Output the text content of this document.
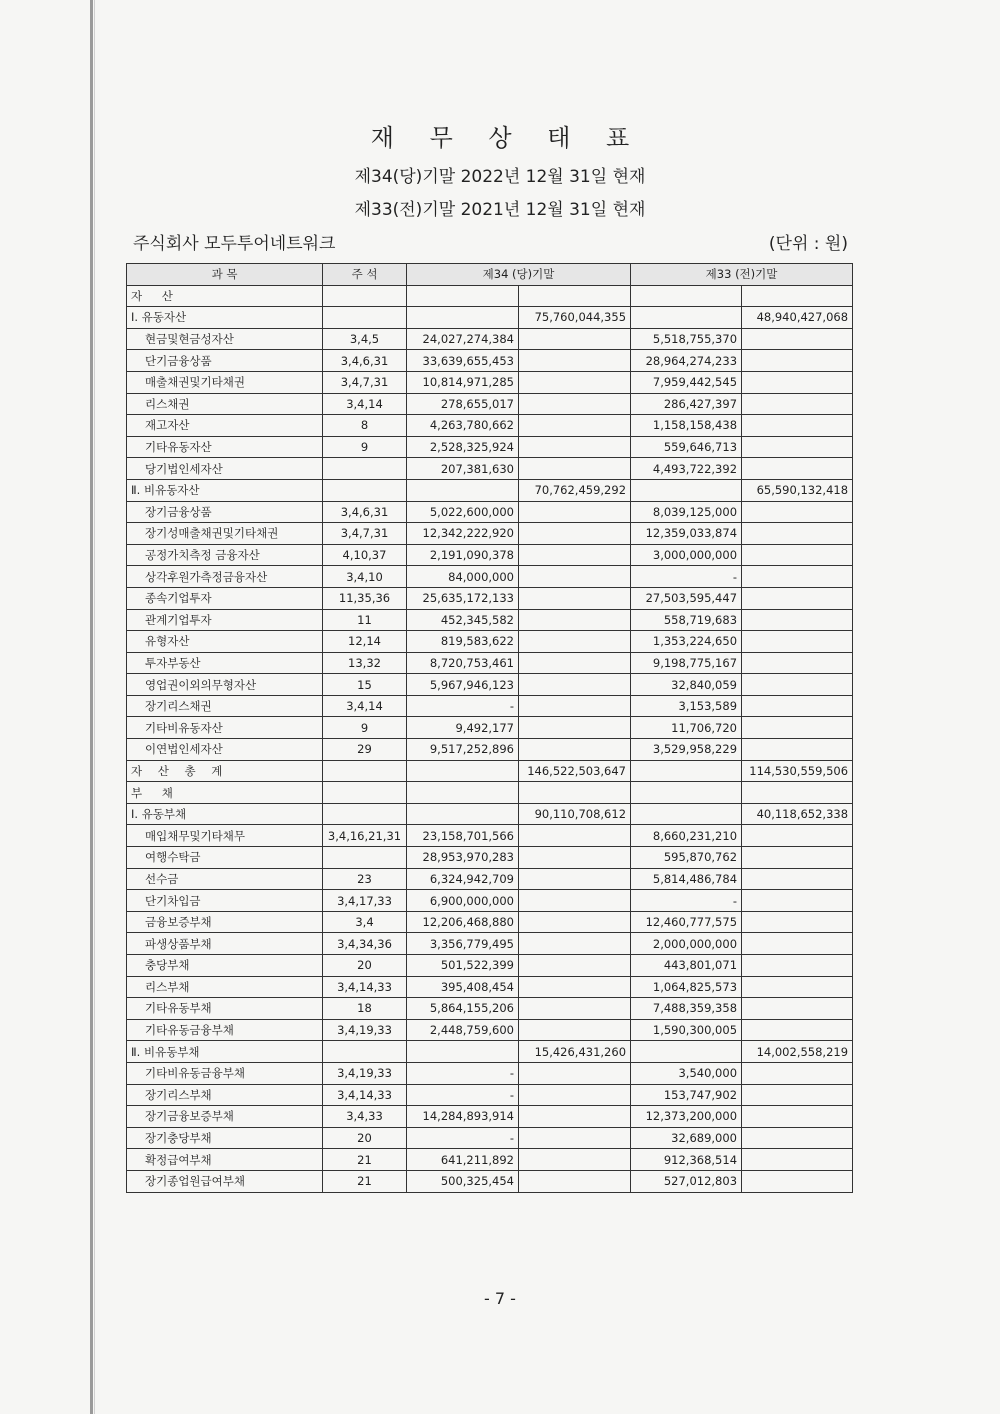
재 무 상 태 표
제34(당)기말 2022년 12월 31일 현재
제33(전)기말 2021년 12월 31일 현재
주식회사 모두투어네트워크	(단위 : 원)
과 목	주 석	제34 (당)기말		제33 (전)기말	
자 산					
Ⅰ. 유동자산			75,760,044,355		48,940,427,068
현금및현금성자산	3,4,5	24,027,274,384		5,518,755,370	
단기금융상품	3,4,6,31	33,639,655,453		28,964,274,233	
매출채권및기타채권	3,4,7,31	10,814,971,285		7,959,442,545	
리스채권	3,4,14	278,655,017		286,427,397	
재고자산	8	4,263,780,662		1,158,158,438	
기타유동자산	9	2,528,325,924		559,646,713	
당기법인세자산		207,381,630		4,493,722,392	
Ⅱ. 비유동자산			70,762,459,292		65,590,132,418
장기금융상품	3,4,6,31	5,022,600,000		8,039,125,000	
장기성매출채권및기타채권	3,4,7,31	12,342,222,920		12,359,033,874	
공정가치측정 금융자산	4,10,37	2,191,090,378		3,000,000,000	
상각후원가측정금융자산	3,4,10	84,000,000		-	
종속기업투자	11,35,36	25,635,172,133		27,503,595,447	
관계기업투자	11	452,345,582		558,719,683	
유형자산	12,14	819,583,622		1,353,224,650	
투자부동산	13,32	8,720,753,461		9,198,775,167	
영업권이외의무형자산	15	5,967,946,123		32,840,059	
장기리스채권	3,4,14	-		3,153,589	
기타비유동자산	9	9,492,177		11,706,720	
이연법인세자산	29	9,517,252,896		3,529,958,229	
자 산 총 계			146,522,503,647		114,530,559,506
부 채					
Ⅰ. 유동부채			90,110,708,612		40,118,652,338
매입채무및기타채무	3,4,16,21,31	23,158,701,566		8,660,231,210	
여행수탁금		28,953,970,283		595,870,762	
선수금	23	6,324,942,709		5,814,486,784	
단기차입금	3,4,17,33	6,900,000,000		-	
금융보증부채	3,4	12,206,468,880		12,460,777,575	
파생상품부채	3,4,34,36	3,356,779,495		2,000,000,000	
충당부채	20	501,522,399		443,801,071	
리스부채	3,4,14,33	395,408,454		1,064,825,573	
기타유동부채	18	5,864,155,206		7,488,359,358	
기타유동금융부채	3,4,19,33	2,448,759,600		1,590,300,005	
Ⅱ. 비유동부채			15,426,431,260		14,002,558,219
기타비유동금융부채	3,4,19,33	-		3,540,000	
장기리스부채	3,4,14,33	-		153,747,902	
장기금융보증부채	3,4,33	14,284,893,914		12,373,200,000	
장기충당부채	20	-		32,689,000	
확정급여부채	21	641,211,892		912,368,514	
장기종업원급여부채	21	500,325,454		527,012,803	
- 7 -
